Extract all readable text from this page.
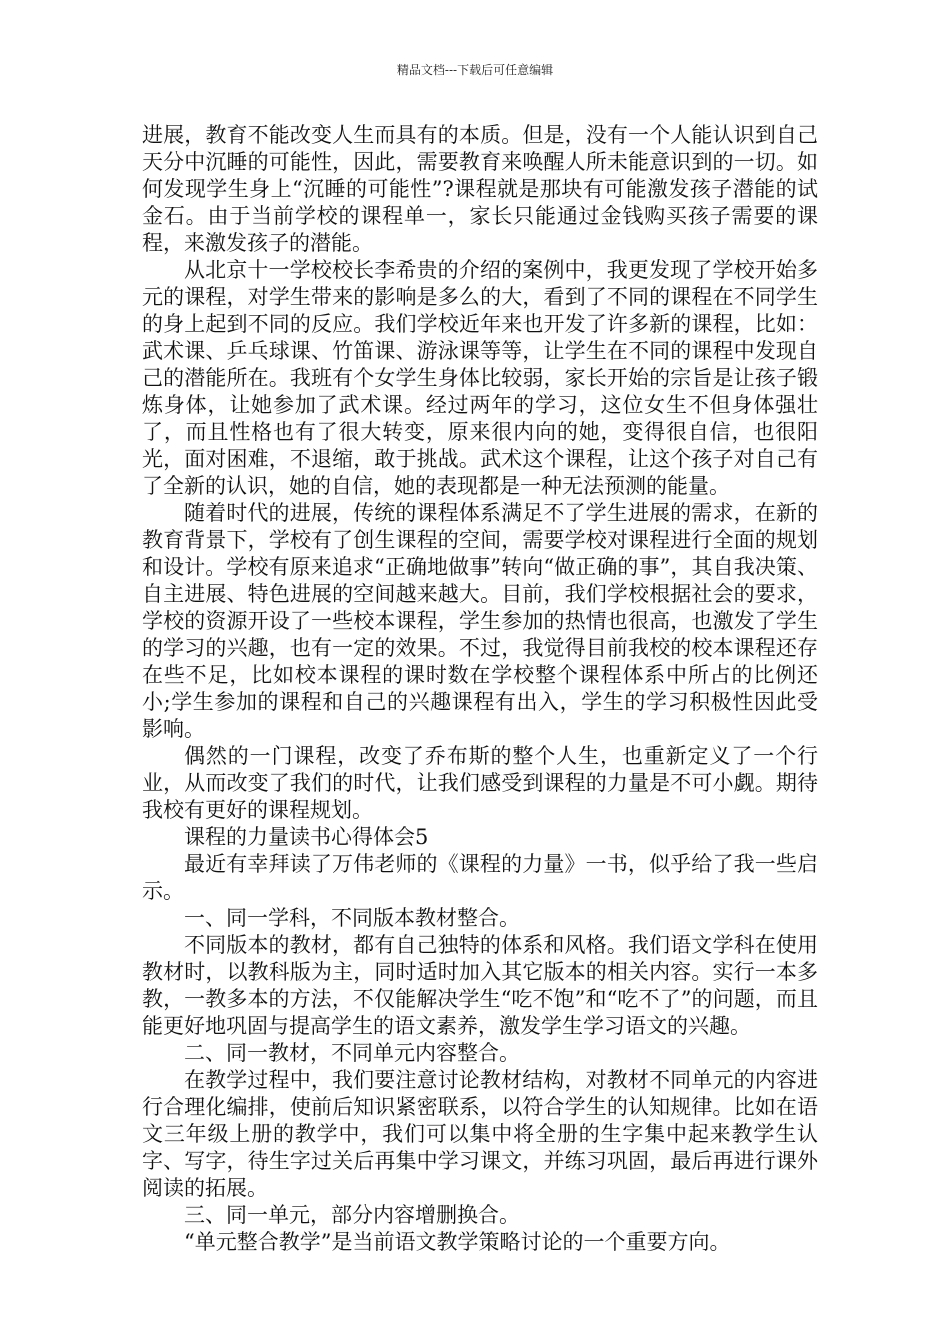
精品文档---下载后可任意编辑

进展，教育不能改变人生而具有的本质。但是，没有一个人能认识到自己天分中沉睡的可能性，因此，需要教育来唤醒人所未能意识到的一切。如何发现学生身上“沉睡的可能性”?课程就是那块有可能激发孩子潜能的试金石。由于当前学校的课程单一，家长只能通过金钱购买孩子需要的课程，来激发孩子的潜能。

从北京十一学校校长李希贵的介绍的案例中，我更发现了学校开始多元的课程，对学生带来的影响是多么的大，看到了不同的课程在不同学生的身上起到不同的反应。我们学校近年来也开发了许多新的课程，比如：武术课、乒乓球课、竹笛课、游泳课等等，让学生在不同的课程中发现自己的潜能所在。我班有个女学生身体比较弱，家长开始的宗旨是让孩子锻炼身体，让她参加了武术课。经过两年的学习，这位女生不但身体强壮了，而且性格也有了很大转变，原来很内向的她，变得很自信，也很阳光，面对困难，不退缩，敢于挑战。武术这个课程，让这个孩子对自己有了全新的认识，她的自信，她的表现都是一种无法预测的能量。

随着时代的进展，传统的课程体系满足不了学生进展的需求，在新的教育背景下，学校有了创生课程的空间，需要学校对课程进行全面的规划和设计。学校有原来追求“正确地做事”转向“做正确的事”，其自我决策、自主进展、特色进展的空间越来越大。目前，我们学校根据社会的要求，学校的资源开设了一些校本课程，学生参加的热情也很高，也激发了学生的学习的兴趣，也有一定的效果。不过，我觉得目前我校的校本课程还存在些不足，比如校本课程的课时数在学校整个课程体系中所占的比例还小;学生参加的课程和自己的兴趣课程有出入，学生的学习积极性因此受影响。

偶然的一门课程，改变了乔布斯的整个人生，也重新定义了一个行业，从而改变了我们的时代，让我们感受到课程的力量是不可小觑。期待我校有更好的课程规划。

课程的力量读书心得体会5

最近有幸拜读了万伟老师的《课程的力量》一书，似乎给了我一些启示。

一、同一学科，不同版本教材整合。

不同版本的教材，都有自己独特的体系和风格。我们语文学科在使用教材时，以教科版为主，同时适时加入其它版本的相关内容。实行一本多教，一教多本的方法，不仅能解决学生“吃不饱”和“吃不了”的问题，而且能更好地巩固与提高学生的语文素养，激发学生学习语文的兴趣。

二、同一教材，不同单元内容整合。

在教学过程中，我们要注意讨论教材结构，对教材不同单元的内容进行合理化编排，使前后知识紧密联系，以符合学生的认知规律。比如在语文三年级上册的教学中，我们可以集中将全册的生字集中起来教学生认字、写字，待生字过关后再集中学习课文，并练习巩固，最后再进行课外阅读的拓展。

三、同一单元，部分内容增删换合。

“单元整合教学”是当前语文教学策略讨论的一个重要方向。
